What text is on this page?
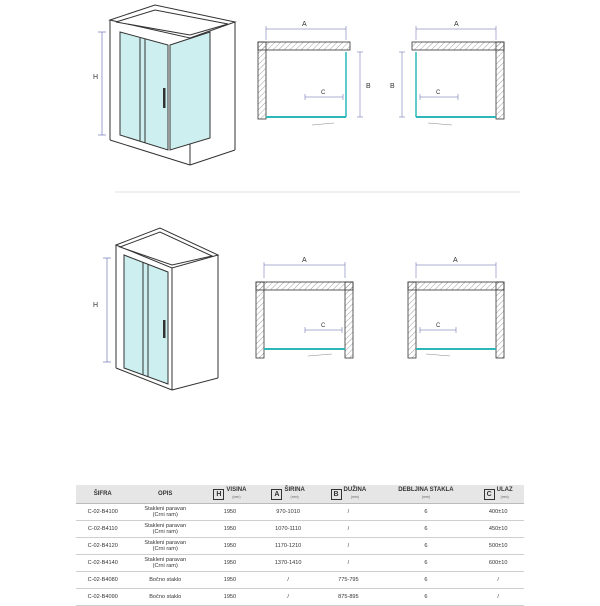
H
A
B
C
A
B
C
H
A
C
A
C
ŠIFRA	OPIS	H
VISINA
(mm)	A
ŠIRINA
(mm)	B
DUŽINA
(mm)	DEBLJINA STAKLA
(mm)	C
ULAZ
(mm)

C-02-B4100	Stakleni paravan
(Crni ram)	1950	970-1010	/	6	400±10
C-02-B4110	Stakleni paravan
(Crni ram)	1950	1070-1110	/	6	450±10
C-02-B4120	Stakleni paravan
(Crni ram)	1950	1170-1210	/	6	500±10
C-02-B4140	Stakleni paravan
(Crni ram)	1950	1370-1410	/	6	600±10
C-02-B4080	Bočno staklo	1950	/	775-795	6	/
C-02-B4090	Bočno staklo	1950	/	875-895	6	/
